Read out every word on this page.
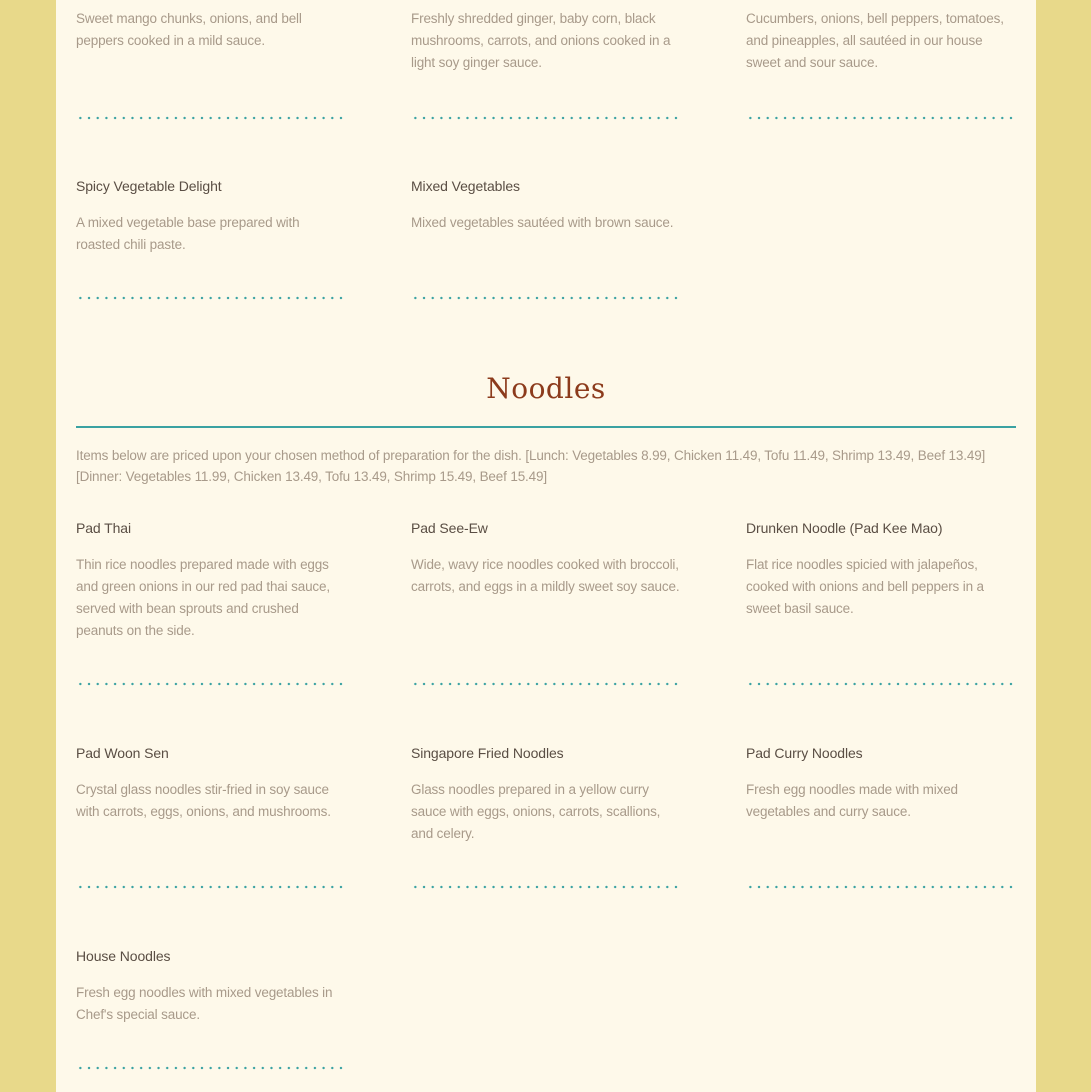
Sweet mango chunks, onions, and bell peppers cooked in a mild sauce.
Freshly shredded ginger, baby corn, black mushrooms, carrots, and onions cooked in a light soy ginger sauce.
Cucumbers, onions, bell peppers, tomatoes, and pineapples, all sautéed in our house sweet and sour sauce.
Spicy Vegetable Delight
A mixed vegetable base prepared with roasted chili paste.
Mixed Vegetables
Mixed vegetables sautéed with brown sauce.
Noodles
Items below are priced upon your chosen method of preparation for the dish. [Lunch: Vegetables 8.99, Chicken 11.49, Tofu 11.49, Shrimp 13.49, Beef 13.49] [Dinner: Vegetables 11.99, Chicken 13.49, Tofu 13.49, Shrimp 15.49, Beef 15.49]
Pad Thai
Thin rice noodles prepared made with eggs and green onions in our red pad thai sauce, served with bean sprouts and crushed peanuts on the side.
Pad See-Ew
Wide, wavy rice noodles cooked with broccoli, carrots, and eggs in a mildly sweet soy sauce.
Drunken Noodle (Pad Kee Mao)
Flat rice noodles spicied with jalapeños, cooked with onions and bell peppers in a sweet basil sauce.
Pad Woon Sen
Crystal glass noodles stir-fried in soy sauce with carrots, eggs, onions, and mushrooms.
Singapore Fried Noodles
Glass noodles prepared in a yellow curry sauce with eggs, onions, carrots, scallions, and celery.
Pad Curry Noodles
Fresh egg noodles made with mixed vegetables and curry sauce.
House Noodles
Fresh egg noodles with mixed vegetables in Chef's special sauce.
